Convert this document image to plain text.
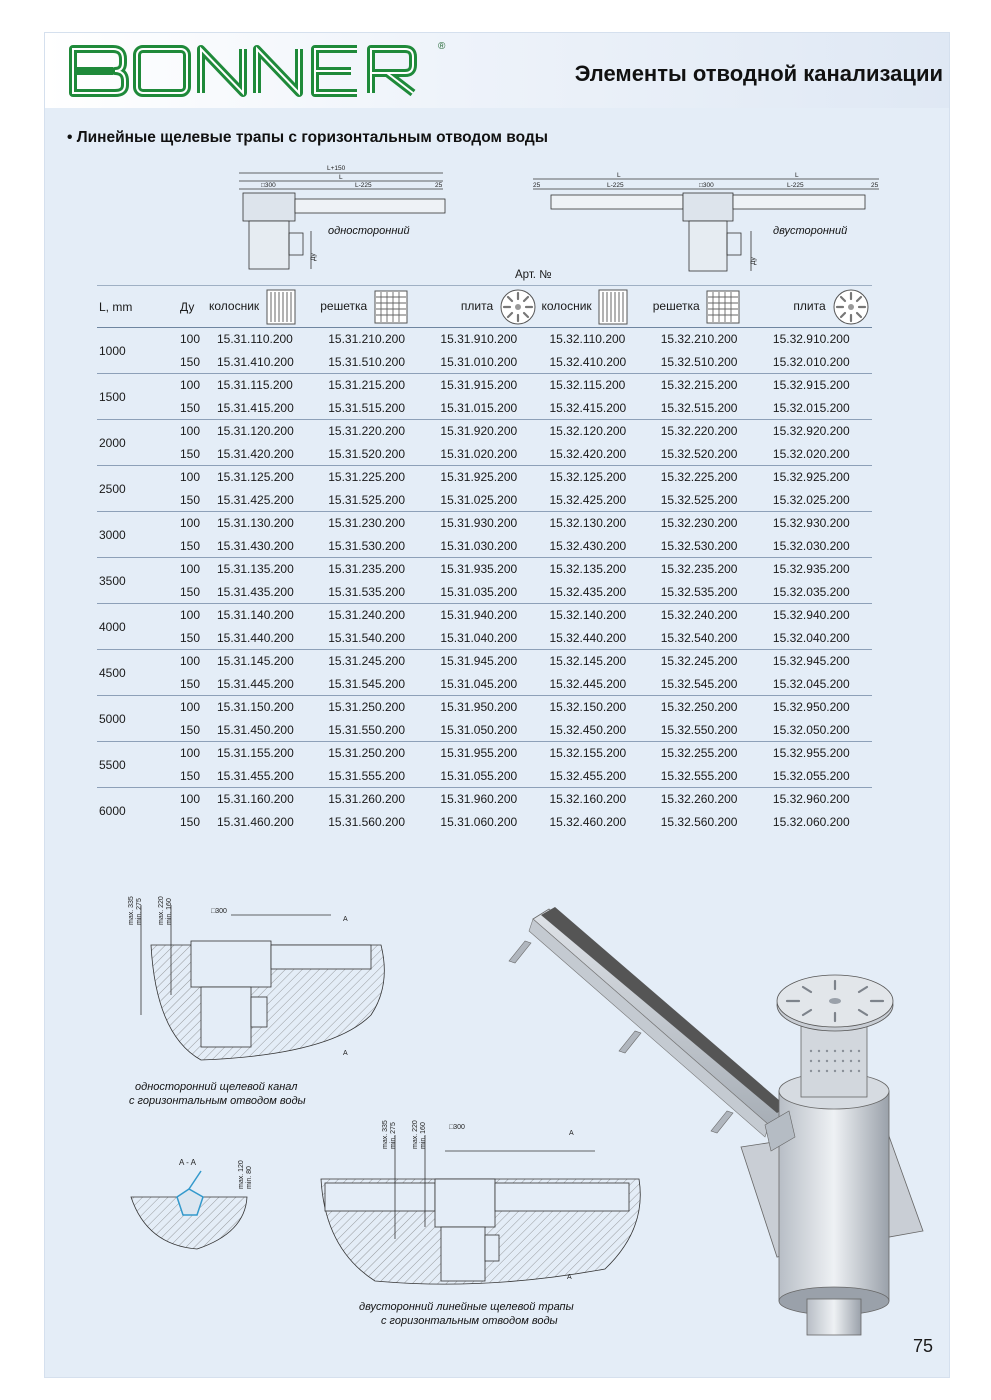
®
Элементы отводной канализации
• Линейные щелевые трапы с горизонтальным отводом воды
L+150
L
□300	L-225	25
Ду
односторонний
L	L
25	L-225	□300	L-225	25
Ду
двусторонний
Арт. №
L, mm	Ду	колосник	решетка	плита	колосник	решетка	плита
1000	100	15.31.110.200	15.31.210.200	15.31.910.200	15.32.110.200	15.32.210.200	15.32.910.200
	150	15.31.410.200	15.31.510.200	15.31.010.200	15.32.410.200	15.32.510.200	15.32.010.200
1500	100	15.31.115.200	15.31.215.200	15.31.915.200	15.32.115.200	15.32.215.200	15.32.915.200
	150	15.31.415.200	15.31.515.200	15.31.015.200	15.32.415.200	15.32.515.200	15.32.015.200
2000	100	15.31.120.200	15.31.220.200	15.31.920.200	15.32.120.200	15.32.220.200	15.32.920.200
	150	15.31.420.200	15.31.520.200	15.31.020.200	15.32.420.200	15.32.520.200	15.32.020.200
2500	100	15.31.125.200	15.31.225.200	15.31.925.200	15.32.125.200	15.32.225.200	15.32.925.200
	150	15.31.425.200	15.31.525.200	15.31.025.200	15.32.425.200	15.32.525.200	15.32.025.200
3000	100	15.31.130.200	15.31.230.200	15.31.930.200	15.32.130.200	15.32.230.200	15.32.930.200
	150	15.31.430.200	15.31.530.200	15.31.030.200	15.32.430.200	15.32.530.200	15.32.030.200
3500	100	15.31.135.200	15.31.235.200	15.31.935.200	15.32.135.200	15.32.235.200	15.32.935.200
	150	15.31.435.200	15.31.535.200	15.31.035.200	15.32.435.200	15.32.535.200	15.32.035.200
4000	100	15.31.140.200	15.31.240.200	15.31.940.200	15.32.140.200	15.32.240.200	15.32.940.200
	150	15.31.440.200	15.31.540.200	15.31.040.200	15.32.440.200	15.32.540.200	15.32.040.200
4500	100	15.31.145.200	15.31.245.200	15.31.945.200	15.32.145.200	15.32.245.200	15.32.945.200
	150	15.31.445.200	15.31.545.200	15.31.045.200	15.32.445.200	15.32.545.200	15.32.045.200
5000	100	15.31.150.200	15.31.250.200	15.31.950.200	15.32.150.200	15.32.250.200	15.32.950.200
	150	15.31.450.200	15.31.550.200	15.31.050.200	15.32.450.200	15.32.550.200	15.32.050.200
5500	100	15.31.155.200	15.31.250.200	15.31.955.200	15.32.155.200	15.32.255.200	15.32.955.200
	150	15.31.455.200	15.31.555.200	15.31.055.200	15.32.455.200	15.32.555.200	15.32.055.200
6000	100	15.31.160.200	15.31.260.200	15.31.960.200	15.32.160.200	15.32.260.200	15.32.960.200
	150	15.31.460.200	15.31.560.200	15.31.060.200	15.32.460.200	15.32.560.200	15.32.060.200
max. 335 min. 275 max. 220 min. 160	□300
A
A
односторонний щелевой канал
с горизонтальным отводом воды
A - A	max. 120 min. 80
max. 335 min. 275 max. 220 min. 160	□300
A
A
двусторонний линейные щелевой трапы
с горизонтальным отводом воды
75
